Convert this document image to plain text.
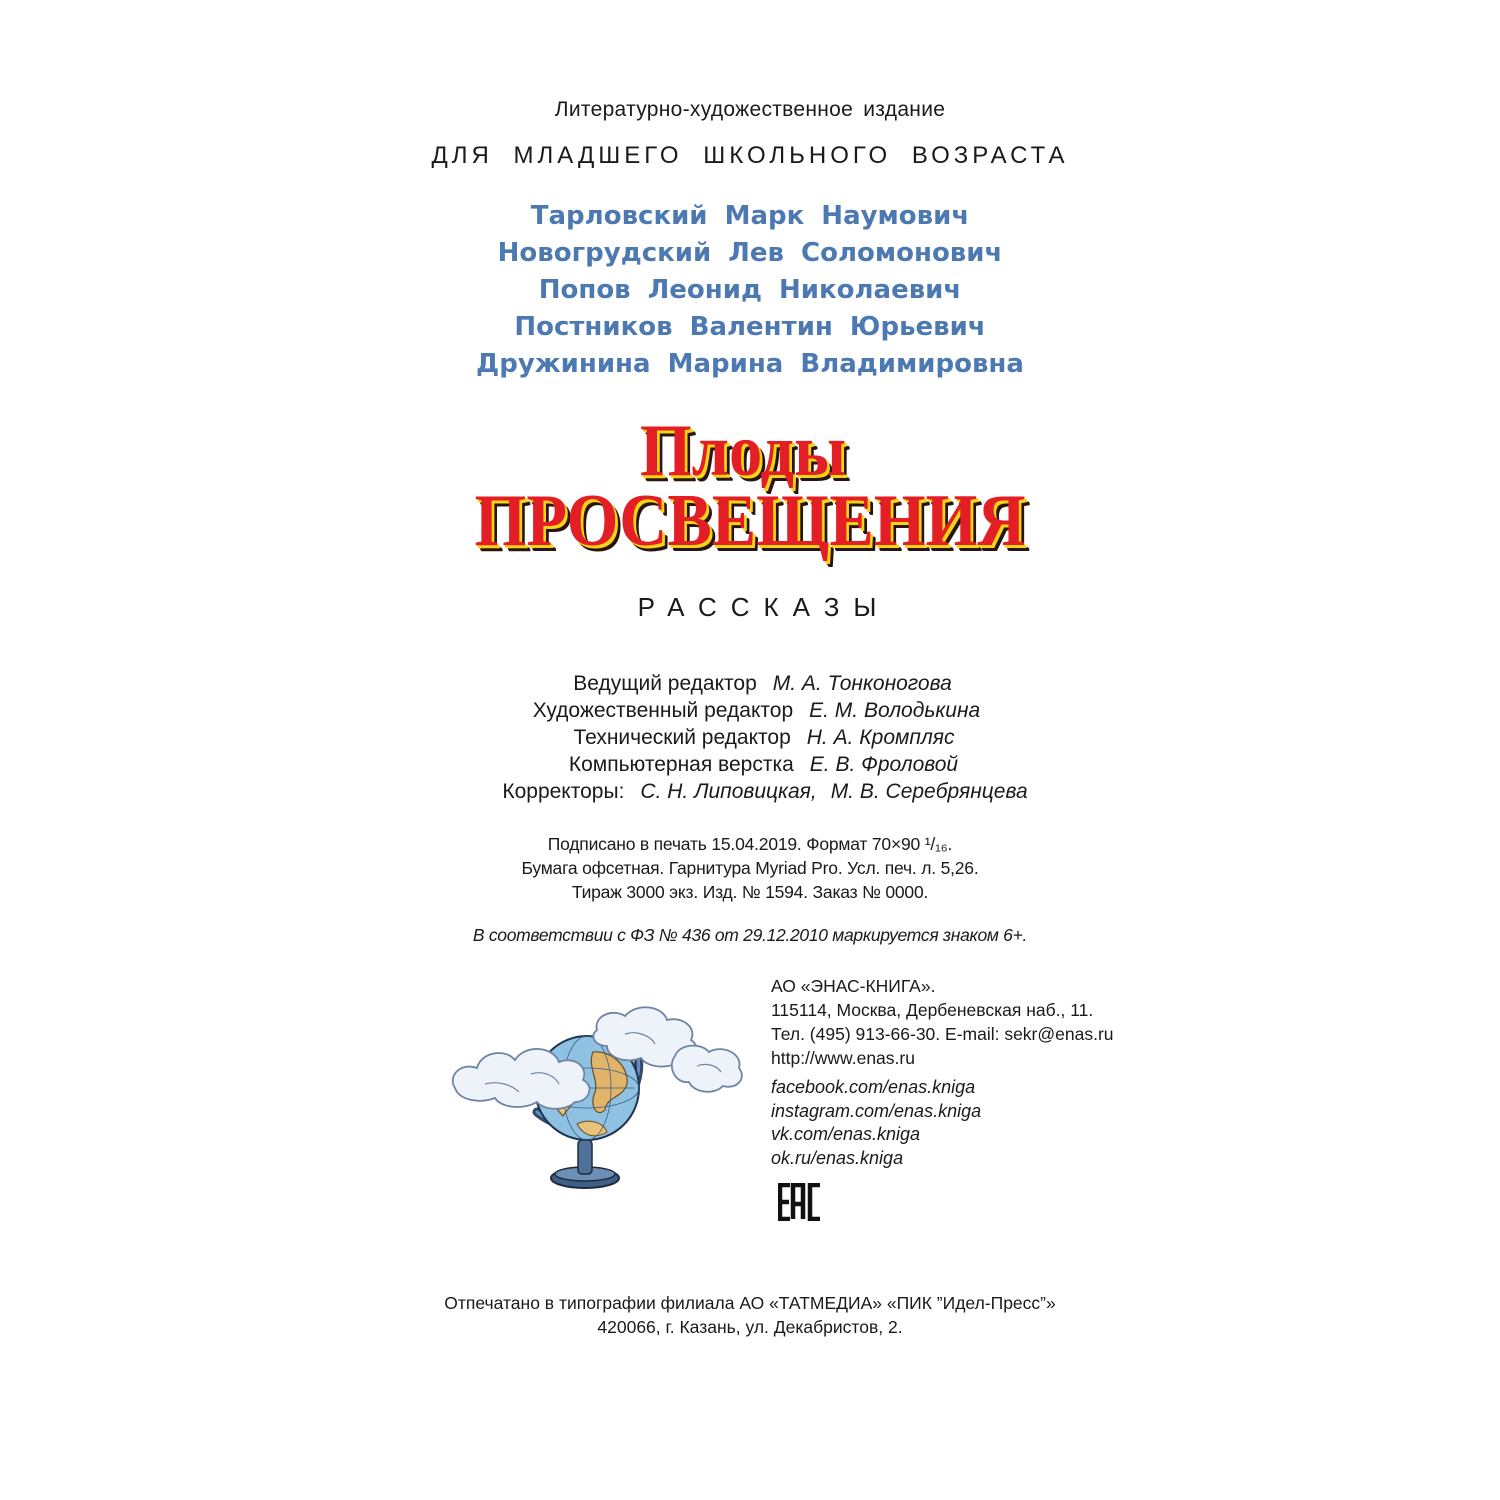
Литературно-художественное издание
ДЛЯ МЛАДШЕГО ШКОЛЬНОГО ВОЗРАСТА
Тарловский Марк Наумович
Новогрудский Лев Соломонович
Попов Леонид Николаевич
Постников Валентин Юрьевич
Дружинина Марина Владимировна
Плоды
ПРОСВЕЩЕНИЯ
РАССКАЗЫ
Ведущий редактор М. А. Тонконогова
Художественный редактор Е. М. Володькина
Технический редактор Н. А. Кромпляс
Компьютерная верстка Е. В. Фроловой
Корректоры: С. Н. Липовицкая, М. В. Серебрянцева
Подписано в печать 15.04.2019. Формат 70×90 ¹/₁₆.
Бумага офсетная. Гарнитура Myriad Pro. Усл. печ. л. 5,26.
Тираж 3000 экз. Изд. № 1594. Заказ № 0000.
В соответствии с ФЗ № 436 от 29.12.2010 маркируется знаком 6+.
АО «ЭНАС-КНИГА».
115114, Москва, Дербеневская наб., 11.
Тел. (495) 913-66-30. E-mail: sekr@enas.ru
http://www.enas.ru
facebook.com/enas.kniga
instagram.com/enas.kniga
vk.com/enas.kniga
ok.ru/enas.kniga
Отпечатано в типографии филиала АО «ТАТМЕДИА» «ПИК ”Идел-Пресс”»
420066, г. Казань, ул. Декабристов, 2.
